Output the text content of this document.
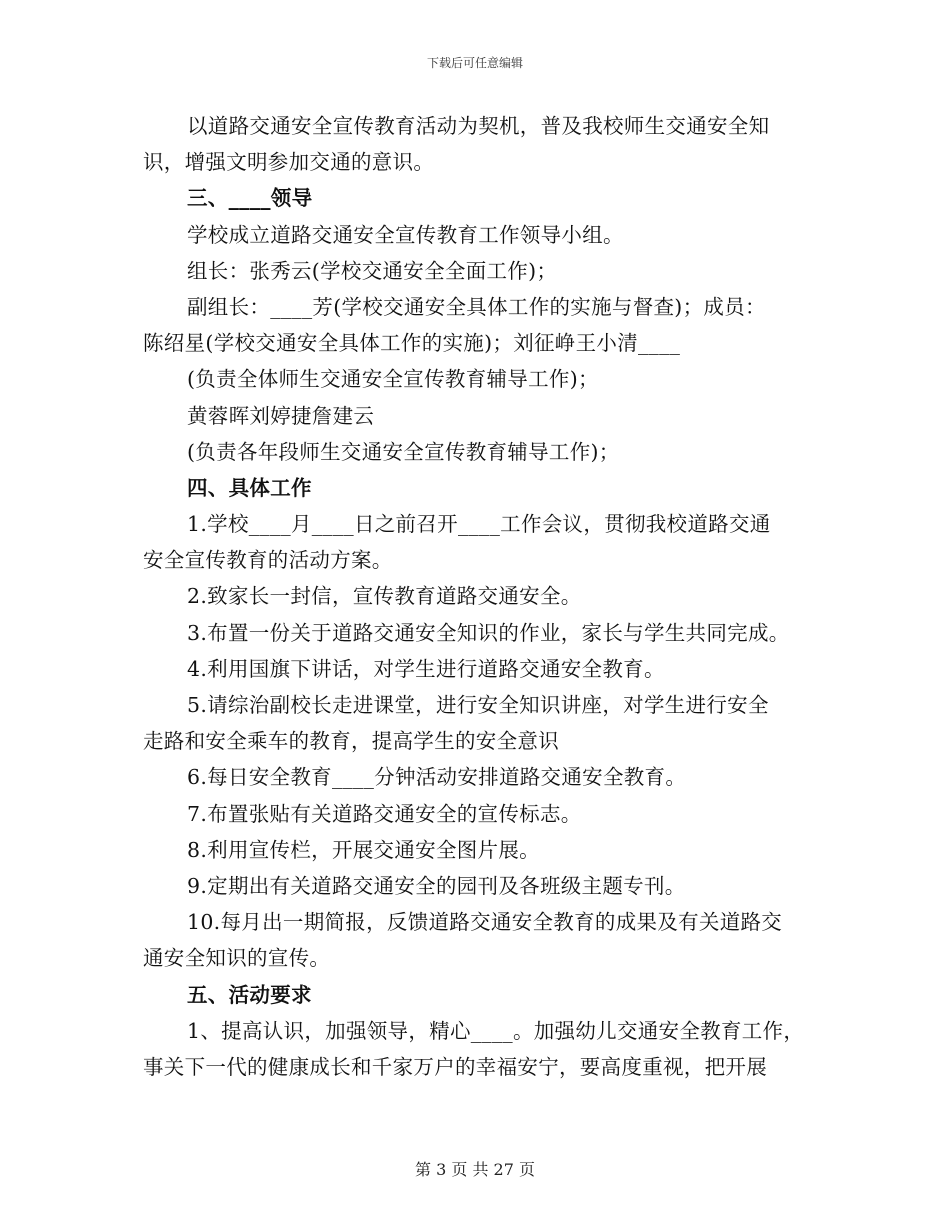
下载后可任意编辑
以道路交通安全宣传教育活动为契机，普及我校师生交通安全知
识，增强文明参加交通的意识。
三、____领导
学校成立道路交通安全宣传教育工作领导小组。
组长：张秀云(学校交通安全全面工作)；
副组长：____芳(学校交通安全具体工作的实施与督查)；成员：
陈绍星(学校交通安全具体工作的实施)；刘征峥王小清____
(负责全体师生交通安全宣传教育辅导工作)；
黄蓉晖刘婷捷詹建云
(负责各年段师生交通安全宣传教育辅导工作)；
四、具体工作
1.学校____月____日之前召开____工作会议，贯彻我校道路交通
安全宣传教育的活动方案。
2.致家长一封信，宣传教育道路交通安全。
3.布置一份关于道路交通安全知识的作业，家长与学生共同完成。
4.利用国旗下讲话，对学生进行道路交通安全教育。
5.请综治副校长走进课堂，进行安全知识讲座，对学生进行安全
走路和安全乘车的教育，提高学生的安全意识
6.每日安全教育____分钟活动安排道路交通安全教育。
7.布置张贴有关道路交通安全的宣传标志。
8.利用宣传栏，开展交通安全图片展。
9.定期出有关道路交通安全的园刊及各班级主题专刊。
10.每月出一期简报，反馈道路交通安全教育的成果及有关道路交
通安全知识的宣传。
五、活动要求
1、提高认识，加强领导，精心____。加强幼儿交通安全教育工作，
事关下一代的健康成长和千家万户的幸福安宁，要高度重视，把开展
第 3 页 共 27 页
